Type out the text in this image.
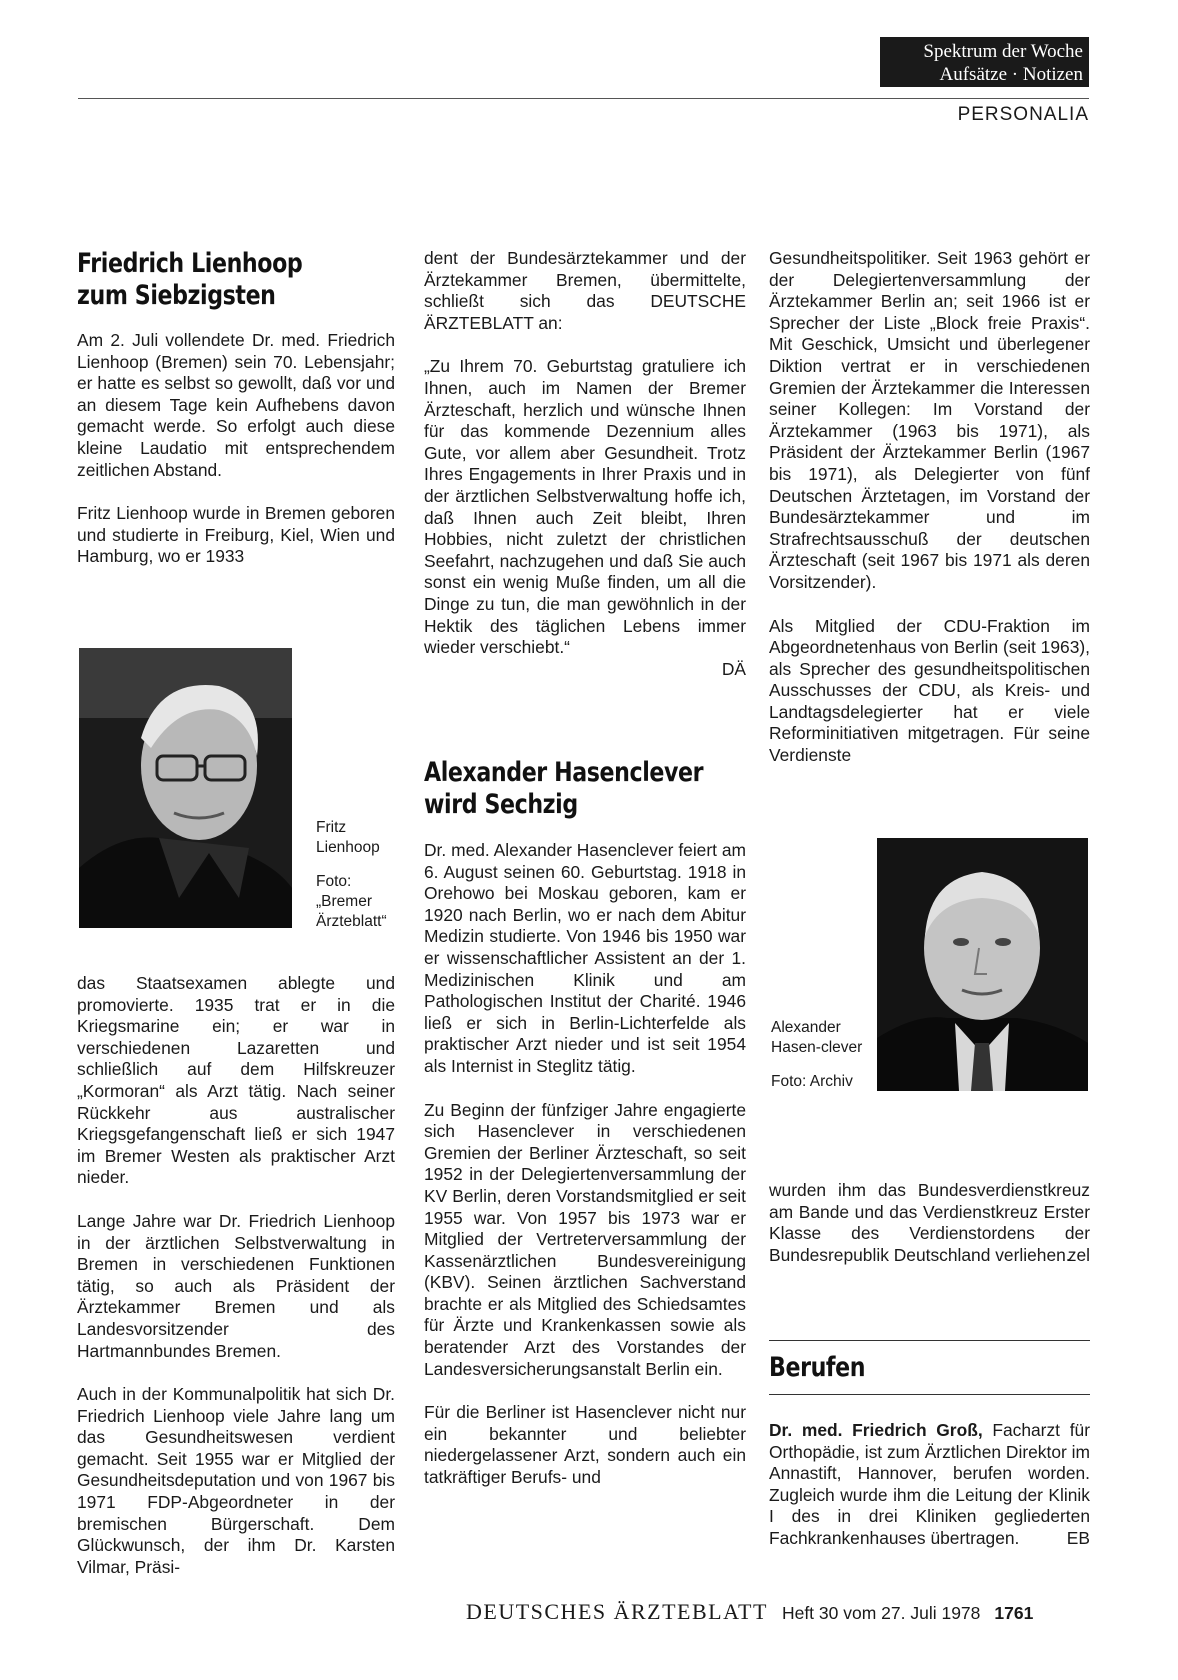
Spektrum der Woche
Aufsätze · Notizen
PERSONALIA
Friedrich Lienhoop
zum Siebzigsten

Am 2. Juli vollendete Dr. med. Friedrich Lienhoop (Bremen) sein 70. Lebensjahr; er hatte es selbst so gewollt, daß vor und an diesem Tage kein Aufhebens davon gemacht werde. So erfolgt auch diese kleine Laudatio mit entsprechendem zeitlichen Abstand.

Fritz Lienhoop wurde in Bremen geboren und studierte in Freiburg, Kiel, Wien und Hamburg, wo er 1933

Fritz Lienhoop

Foto: „Bremer Ärzteblatt“

das Staatsexamen ablegte und promovierte. 1935 trat er in die Kriegsmarine ein; er war in verschiedenen Lazaretten und schließlich auf dem Hilfskreuzer „Kormoran“ als Arzt tätig. Nach seiner Rückkehr aus australischer Kriegsgefangenschaft ließ er sich 1947 im Bremer Westen als praktischer Arzt nieder.

Lange Jahre war Dr. Friedrich Lienhoop in der ärztlichen Selbstverwaltung in Bremen in verschiedenen Funktionen tätig, so auch als Präsident der Ärztekammer Bremen und als Landesvorsitzender des Hartmannbundes Bremen.

Auch in der Kommunalpolitik hat sich Dr. Friedrich Lienhoop viele Jahre lang um das Gesundheitswesen verdient gemacht. Seit 1955 war er Mitglied der Gesundheitsdeputation und von 1967 bis 1971 FDP-Abgeordneter in der bremischen Bürgerschaft. Dem Glückwunsch, der ihm Dr. Karsten Vilmar, Präsi-

dent der Bundesärztekammer und der Ärztekammer Bremen, übermittelte, schließt sich das DEUTSCHE ÄRZTEBLATT an:

„Zu Ihrem 70. Geburtstag gratuliere ich Ihnen, auch im Namen der Bremer Ärzteschaft, herzlich und wünsche Ihnen für das kommende Dezennium alles Gute, vor allem aber Gesundheit. Trotz Ihres Engagements in Ihrer Praxis und in der ärztlichen Selbstverwaltung hoffe ich, daß Ihnen auch Zeit bleibt, Ihren Hobbies, nicht zuletzt der christlichen Seefahrt, nachzugehen und daß Sie auch sonst ein wenig Muße finden, um all die Dinge zu tun, die man gewöhnlich in der Hektik des täglichen Lebens immer wieder verschiebt.“

DÄ
Alexander Hasenclever
wird Sechzig

Dr. med. Alexander Hasenclever feiert am 6. August seinen 60. Geburtstag. 1918 in Orehowo bei Moskau geboren, kam er 1920 nach Berlin, wo er nach dem Abitur Medizin studierte. Von 1946 bis 1950 war er wissenschaftlicher Assistent an der 1. Medizinischen Klinik und am Pathologischen Institut der Charité. 1946 ließ er sich in Berlin-Lichterfelde als praktischer Arzt nieder und ist seit 1954 als Internist in Steglitz tätig.

Zu Beginn der fünfziger Jahre engagierte sich Hasenclever in verschiedenen Gremien der Berliner Ärzteschaft, so seit 1952 in der Delegiertenversammlung der KV Berlin, deren Vorstandsmitglied er seit 1955 war. Von 1957 bis 1973 war er Mitglied der Vertreterversammlung der Kassenärztlichen Bundesvereinigung (KBV). Seinen ärztlichen Sachverstand brachte er als Mitglied des Schiedsamtes für Ärzte und Krankenkassen sowie als beratender Arzt des Vorstandes der Landesversicherungsanstalt Berlin ein.

Für die Berliner ist Hasenclever nicht nur ein bekannter und beliebter niedergelassener Arzt, sondern auch ein tatkräftiger Berufs- und

Gesundheitspolitiker. Seit 1963 gehört er der Delegiertenversammlung der Ärztekammer Berlin an; seit 1966 ist er Sprecher der Liste „Block freie Praxis“. Mit Geschick, Umsicht und überlegener Diktion vertrat er in verschiedenen Gremien der Ärztekammer die Interessen seiner Kollegen: Im Vorstand der Ärztekammer (1963 bis 1971), als Präsident der Ärztekammer Berlin (1967 bis 1971), als Delegierter von fünf Deutschen Ärztetagen, im Vorstand der Bundesärztekammer und im Strafrechtsausschuß der deutschen Ärzteschaft (seit 1967 bis 1971 als deren Vorsitzender).

Als Mitglied der CDU-Fraktion im Abgeordnetenhaus von Berlin (seit 1963), als Sprecher des gesundheitspolitischen Ausschusses der CDU, als Kreis- und Landtagsdelegierter hat er viele Reforminitiativen mitgetragen. Für seine Verdienste

Alexander Hasen-clever

Foto: Archiv

wurden ihm das Bundesverdienstkreuz am Bande und das Verdienstkreuz Erster Klasse des Verdienstordens der Bundesrepublik Deutschland verliehen.

zel
Berufen

Dr. med. Friedrich Groß, Facharzt für Orthopädie, ist zum Ärztlichen Direktor im Annastift, Hannover, berufen worden. Zugleich wurde ihm die Leitung der Klinik I des in drei Kliniken gegliederten Fachkrankenhauses übertragen.	EB
DEUTSCHES ÄRZTEBLATT Heft 30 vom 27. Juli 1978 1761
